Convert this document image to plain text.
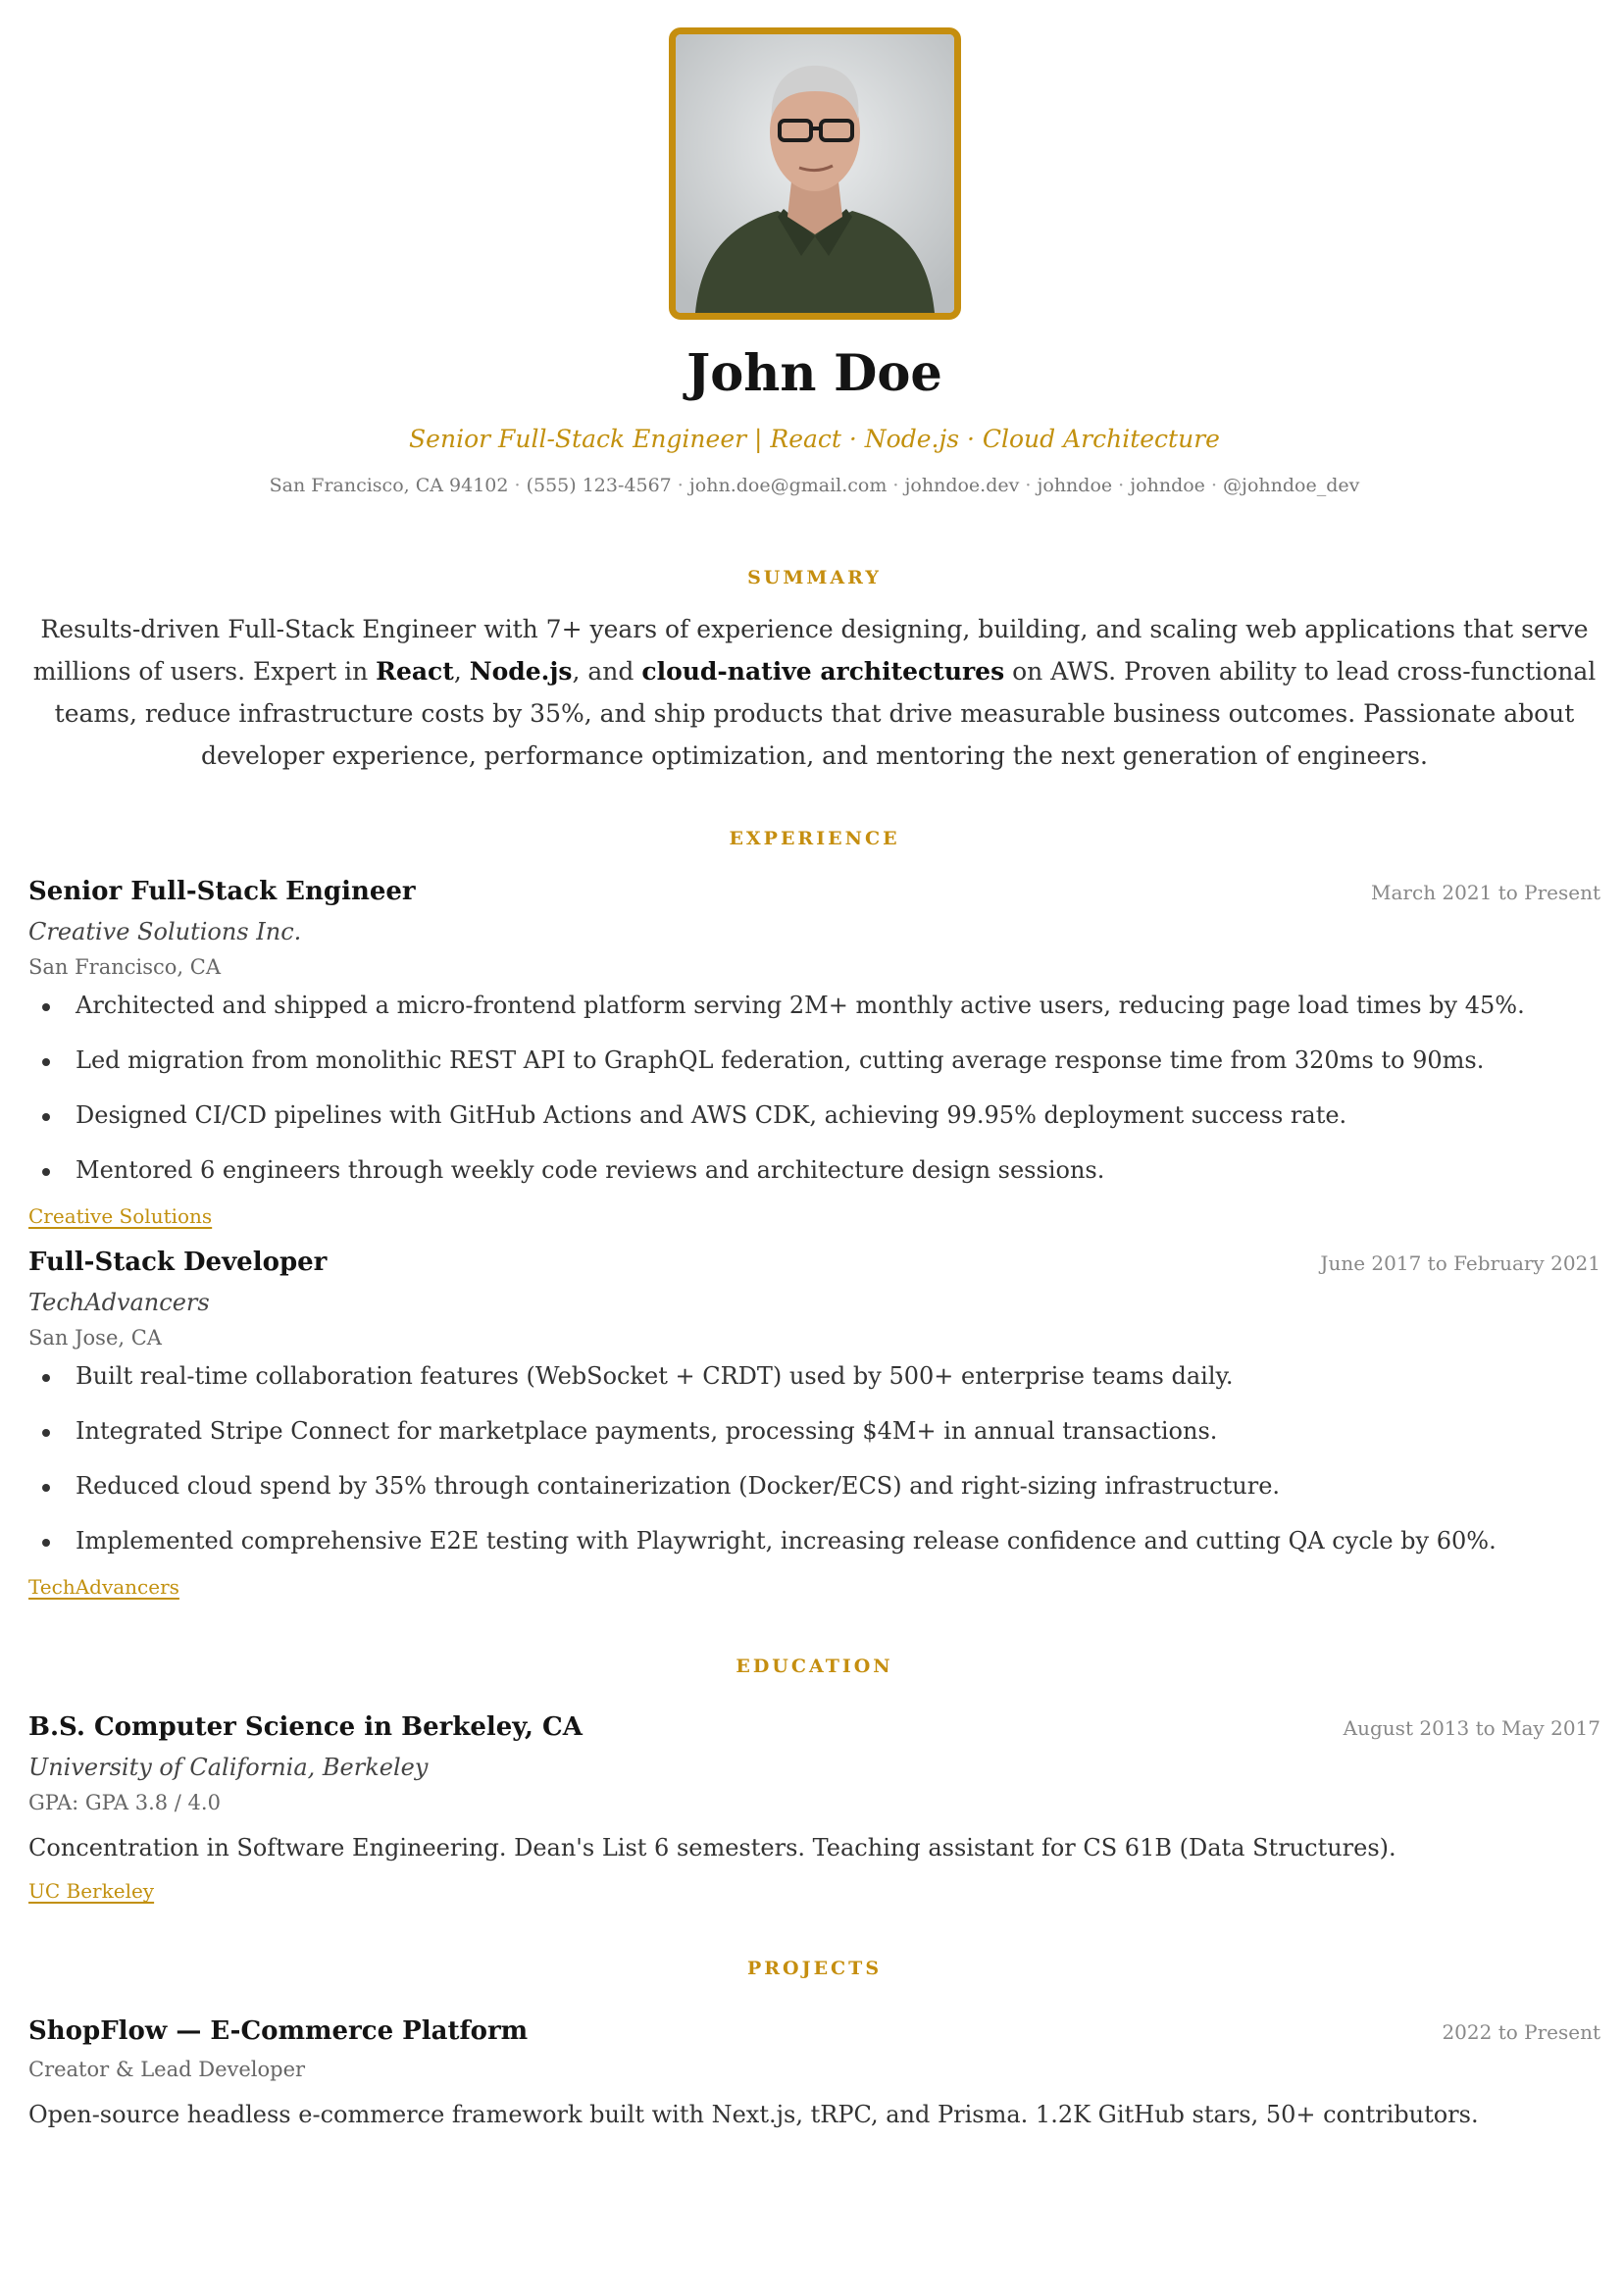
John Doe
Senior Full-Stack Engineer | React · Node.js · Cloud Architecture
San Francisco, CA 94102 · (555) 123-4567 · john.doe@gmail.com · johndoe.dev · johndoe · johndoe · @johndoe_dev
SUMMARY
Results-driven Full-Stack Engineer with 7+ years of experience designing, building, and scaling web applications that serve millions of users. Expert in React, Node.js, and cloud-native architectures on AWS. Proven ability to lead cross-functional teams, reduce infrastructure costs by 35%, and ship products that drive measurable business outcomes. Passionate about developer experience, performance optimization, and mentoring the next generation of engineers.
EXPERIENCE
Senior Full-Stack Engineer	March 2021 to Present
Creative Solutions Inc.
San Francisco, CA
Architected and shipped a micro-frontend platform serving 2M+ monthly active users, reducing page load times by 45%.
Led migration from monolithic REST API to GraphQL federation, cutting average response time from 320ms to 90ms.
Designed CI/CD pipelines with GitHub Actions and AWS CDK, achieving 99.95% deployment success rate.
Mentored 6 engineers through weekly code reviews and architecture design sessions.
Creative Solutions
Full-Stack Developer	June 2017 to February 2021
TechAdvancers
San Jose, CA
Built real-time collaboration features (WebSocket + CRDT) used by 500+ enterprise teams daily.
Integrated Stripe Connect for marketplace payments, processing $4M+ in annual transactions.
Reduced cloud spend by 35% through containerization (Docker/ECS) and right-sizing infrastructure.
Implemented comprehensive E2E testing with Playwright, increasing release confidence and cutting QA cycle by 60%.
TechAdvancers
EDUCATION
B.S. Computer Science in Berkeley, CA	August 2013 to May 2017
University of California, Berkeley
GPA: GPA 3.8 / 4.0
Concentration in Software Engineering. Dean's List 6 semesters. Teaching assistant for CS 61B (Data Structures).
UC Berkeley
PROJECTS
ShopFlow — E-Commerce Platform	2022 to Present
Creator & Lead Developer
Open-source headless e-commerce framework built with Next.js, tRPC, and Prisma. 1.2K GitHub stars, 50+ contributors.
